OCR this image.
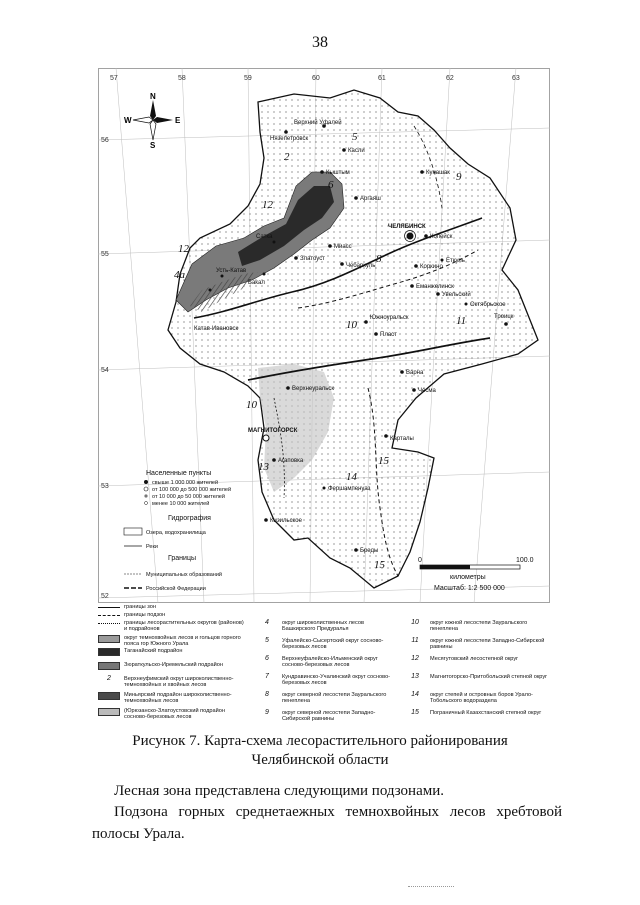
38
57	58	59	60	61	62	63
56
55
54
53
52
N
S
W	E
ЧЕЛЯБИНСК
МАГНИТОГОРСК
Копейск
Пласт
Южноуральск	Троицк
Карталы
Верхний Уфалей
Касли
Кыштым
Миасс
Златоуст
Аргаяш
Кунашак
Коркино
Еманжелинск
Увельский
Чебаркуль
Верхнеуральск
Агаповка
Кизильское
Бреды
Варна
Чесма
Нязепетровск
Бакал
Сатка
Катав-Ивановск
Усть-Катав
Фершампенуаз
Октябрьское
Еткуль
2
5
6
8
9
10	11
12
12
10
13
14
15
15
4а
Населенные пункты
свыше 1 000 000 жителей
от 100 000 до 500 000 жителей
от 10 000 до 50 000 жителей
менее 10 000 жителей
Гидрография
Озера, водохранилища
Реки
Границы
Муниципальных образований
Российской Федерации
0	100.0
километры
Масштаб: 1:2 500 000
границы зон
границы подзон
границы лесорастительных округов (районов) и подрайонов
округ темнохвойных лесов и гольцов горного пояса гор Южного Урала
Таганайский подрайон
Зюраткульско-Иремельский подрайон
2	Верхнеуфимский округ широколиственно-темнохвойных и хвойных лесов
Миньярский подрайон широколиственно-темнохвойных лесов
(Юрюзанско-Златоустовский подрайон сосново-березовых лесов
4	округ широколиственных лесов Башкирского Предуралья
5	Уфалейско-Сысертский округ сосново-березовых лесов
6	Верхнеуфалейско-Ильменский округ сосново-березовых лесов
7	Кундравинско-Учалинский округ сосново-березовых лесов
8	округ северной лесостепи Зауральского пенеплена
9	округ северной лесостепи Западно-Сибирской равнины
10	округ южной лесостепи Зауральского пенеплена
11	округ южной лесостепи Западно-Сибирской равнины
12	Месягутовский лесостепной округ
13	Магнитогорско-Притобольский степной округ
14	округ степей и островных боров Урало-Тобольского водораздела
15	Пограничный Казахстанский степной округ
Рисунок 7. Карта-схема лесорастительного районирования
Челябинской области
Лесная зона представлена следующими подзонами.
Подзона горных среднетаежных темнохвойных лесов хребтовой полосы Урала.
